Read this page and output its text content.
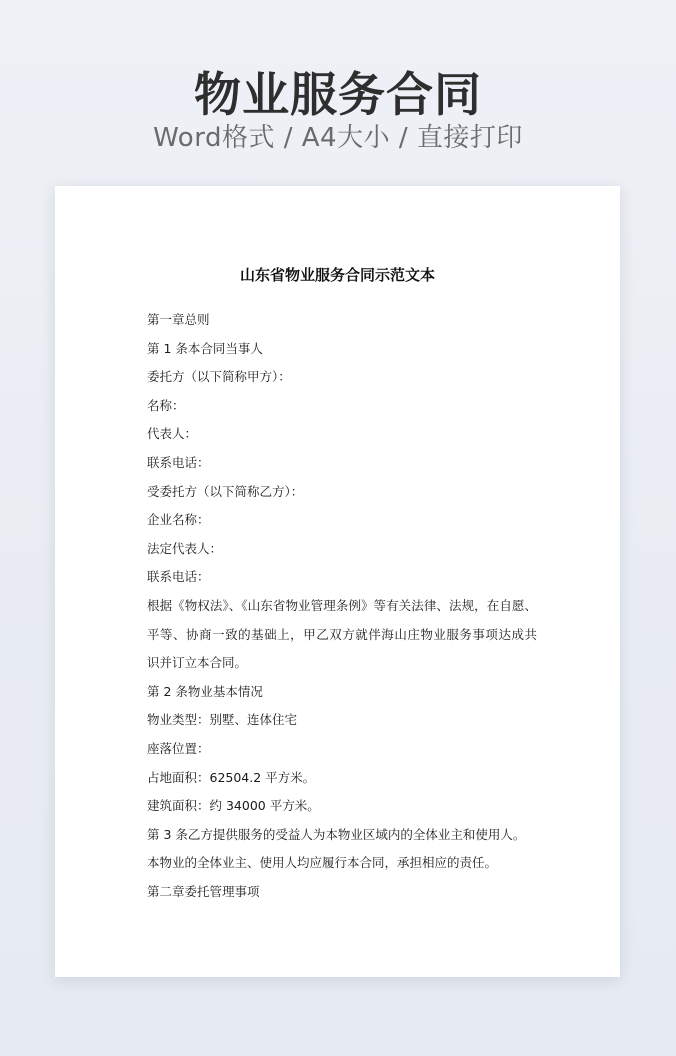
物业服务合同
Word格式 / A4大小 / 直接打印
山东省物业服务合同示范文本
第一章总则
第 1 条本合同当事人
委托方（以下简称甲方）：
名称：
代表人：
联系电话：
受委托方（以下简称乙方）：
企业名称：
法定代表人：
联系电话：
根据《物权法》、《山东省物业管理条例》等有关法律、法规，在自愿、
平等、协商一致的基础上，甲乙双方就伴海山庄物业服务事项达成共
识并订立本合同。
第 2 条物业基本情况
物业类型：别墅、连体住宅
座落位置：
占地面积：62504.2 平方米。
建筑面积：约 34000 平方米。
第 3 条乙方提供服务的受益人为本物业区域内的全体业主和使用人。
本物业的全体业主、使用人均应履行本合同，承担相应的责任。
第二章委托管理事项
